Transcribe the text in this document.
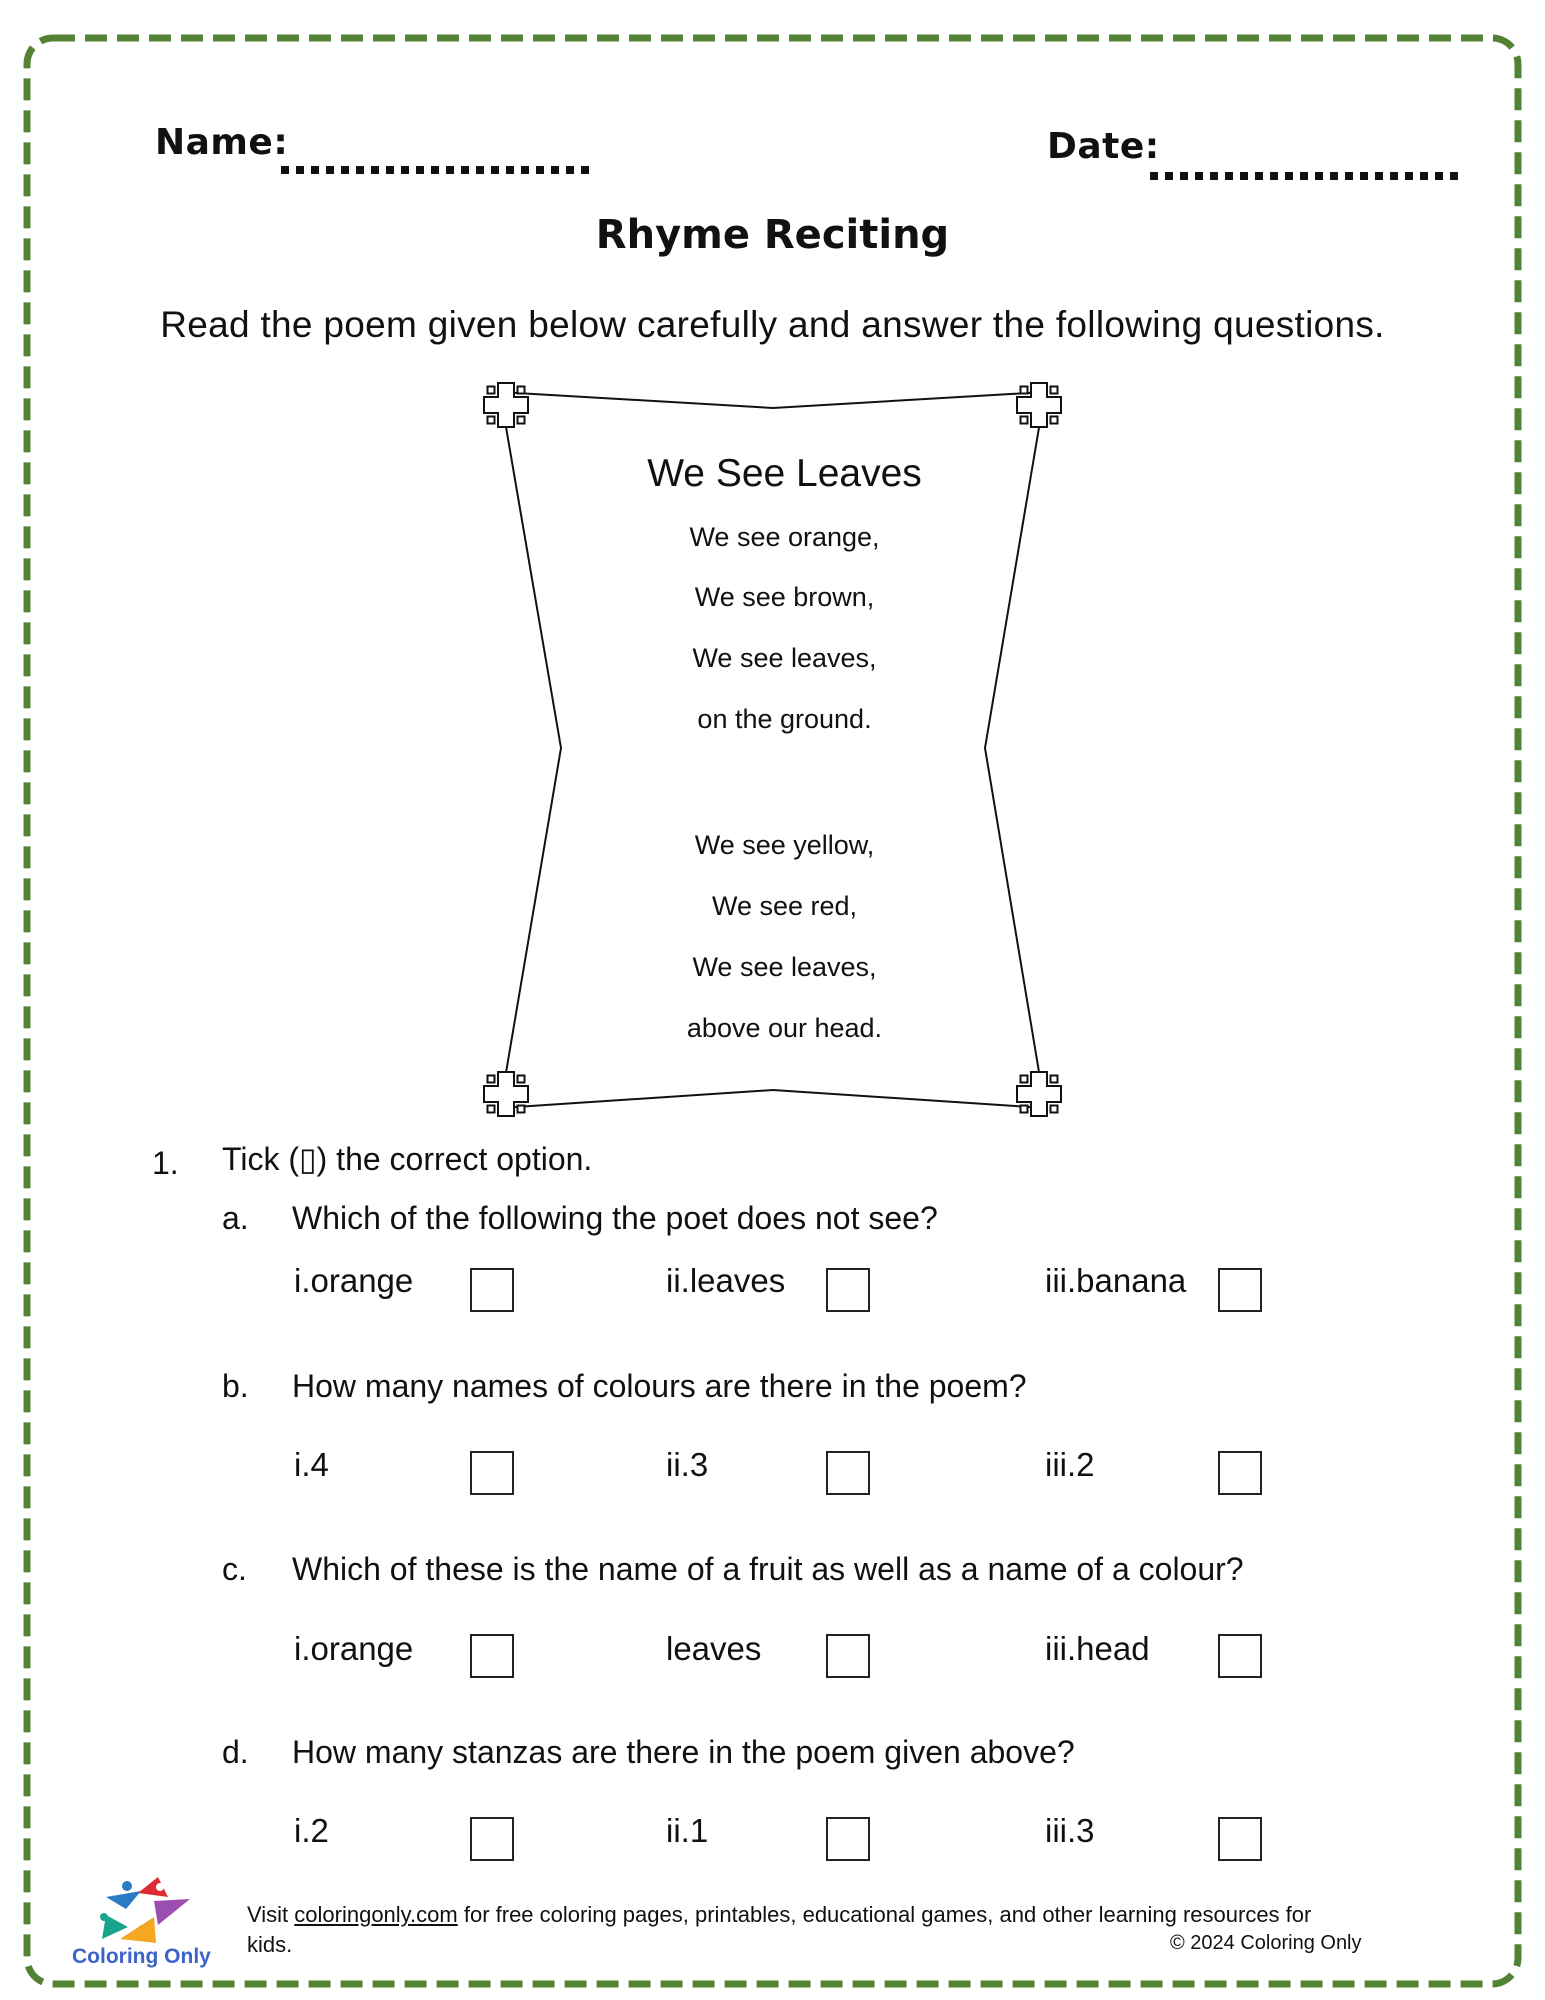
Name:	Date:
Rhyme Reciting
Read the poem given below carefully and answer the following questions.
We See Leaves
We see orange,
We see brown,
We see leaves,
on the ground.
We see yellow,
We see red,
We see leaves,
above our head.
1. Tick (▯) the correct option.
a. Which of the following the poet does not see?
i.orange	ii.leaves	iii.banana
b. How many names of colours are there in the poem?
i.4	ii.3	iii.2
c. Which of these is the name of a fruit as well as a name of a colour?
i.orange	leaves	iii.head
d. How many stanzas are there in the poem given above?
i.2	ii.1	iii.3
Coloring Only
Visit coloringonly.com for free coloring pages, printables, educational games, and other learning resources for
kids.	© 2024 Coloring Only
